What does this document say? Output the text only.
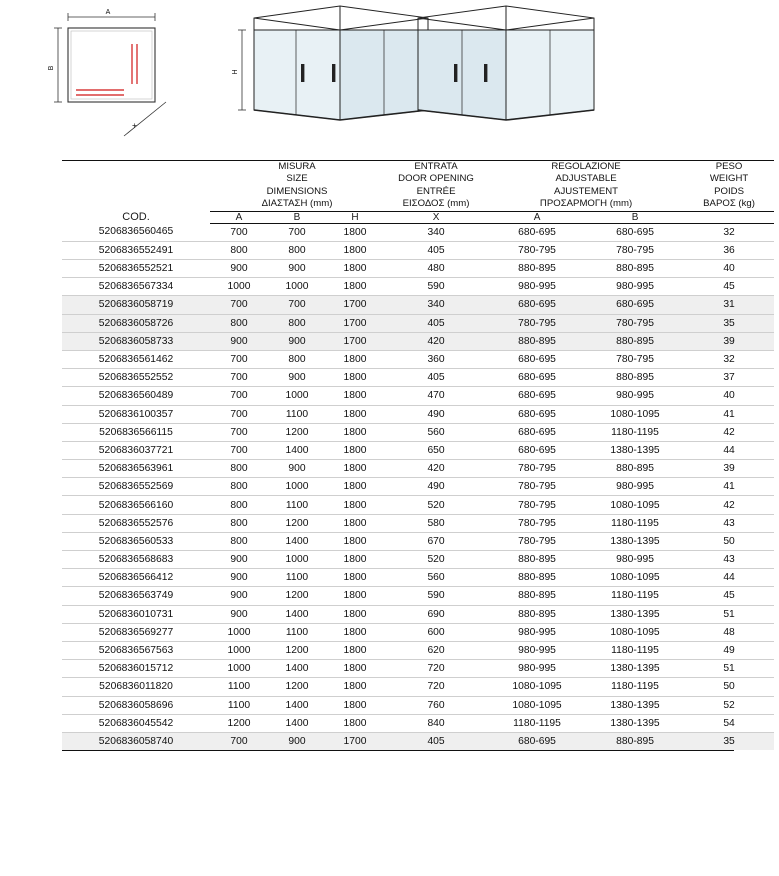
A
B
+
H
COD.	
MISURA
SIZE
DIMENSIONS
ΔΙΑΣΤΑΣΗ (mm)

ENTRATA
DOOR OPENING
ENTRÉE
ΕΙΣΟΔΟΣ (mm)

REGOLAZIONE
ADJUSTABLE
AJUSTEMENT
ΠΡΟΣΑΡΜΟΓΗ (mm)

PESO
WEIGHT
POIDS
ΒΑΡΟΣ (kg)

	A	B	H	X	A	B	
5206836560465	700	700	1800	340	680-695	680-695	32
5206836552491	800	800	1800	405	780-795	780-795	36
5206836552521	900	900	1800	480	880-895	880-895	40
5206836567334	1000	1000	1800	590	980-995	980-995	45
5206836058719	700	700	1700	340	680-695	680-695	31
5206836058726	800	800	1700	405	780-795	780-795	35
5206836058733	900	900	1700	420	880-895	880-895	39
5206836561462	700	800	1800	360	680-695	780-795	32
5206836552552	700	900	1800	405	680-695	880-895	37
5206836560489	700	1000	1800	470	680-695	980-995	40
5206836100357	700	1100	1800	490	680-695	1080-1095	41
5206836566115	700	1200	1800	560	680-695	1180-1195	42
5206836037721	700	1400	1800	650	680-695	1380-1395	44
5206836563961	800	900	1800	420	780-795	880-895	39
5206836552569	800	1000	1800	490	780-795	980-995	41
5206836566160	800	1100	1800	520	780-795	1080-1095	42
5206836552576	800	1200	1800	580	780-795	1180-1195	43
5206836560533	800	1400	1800	670	780-795	1380-1395	50
5206836568683	900	1000	1800	520	880-895	980-995	43
5206836566412	900	1100	1800	560	880-895	1080-1095	44
5206836563749	900	1200	1800	590	880-895	1180-1195	45
5206836010731	900	1400	1800	690	880-895	1380-1395	51
5206836569277	1000	1100	1800	600	980-995	1080-1095	48
5206836567563	1000	1200	1800	620	980-995	1180-1195	49
5206836015712	1000	1400	1800	720	980-995	1380-1395	51
5206836011820	1100	1200	1800	720	1080-1095	1180-1195	50
5206836058696	1100	1400	1800	760	1080-1095	1380-1395	52
5206836045542	1200	1400	1800	840	1180-1195	1380-1395	54
5206836058740	700	900	1700	405	680-695	880-895	35
